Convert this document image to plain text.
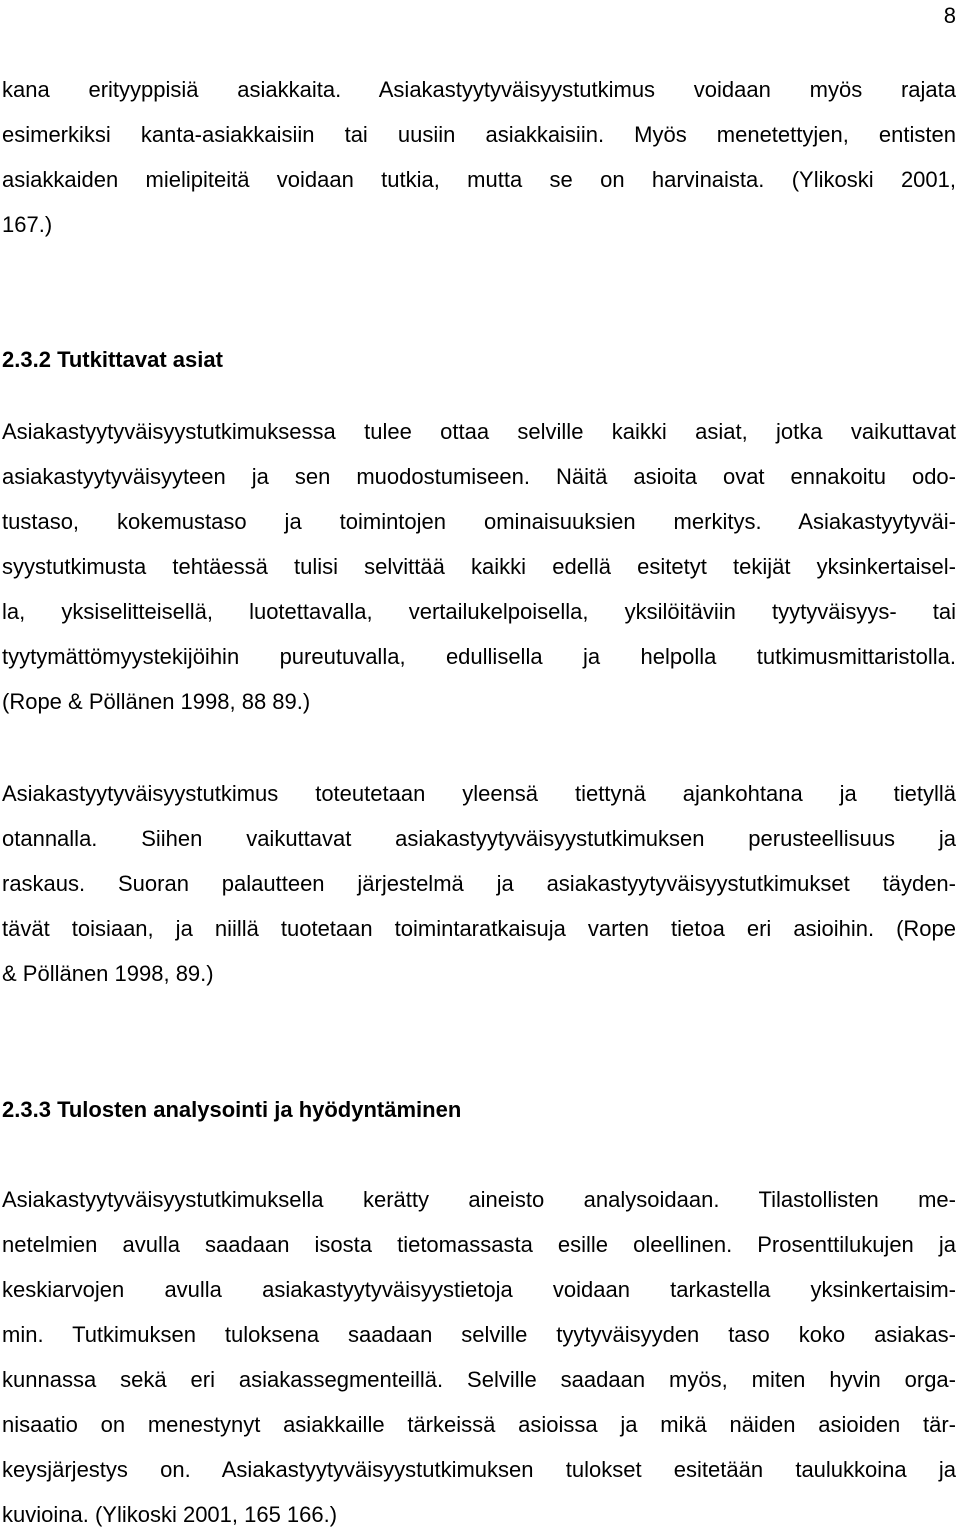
8
kana erityyppisiä asiakkaita. Asiakastyytyväisyystutkimus voidaan myös rajata
esimerkiksi kanta-asiakkaisiin tai uusiin asiakkaisiin. Myös menetettyjen, entisten
asiakkaiden mielipiteitä voidaan tutkia, mutta se on harvinaista. (Ylikoski 2001,
167.)
2.3.2 Tutkittavat asiat
Asiakastyytyväisyystutkimuksessa tulee ottaa selville kaikki asiat, jotka vaikuttavat
asiakastyytyväisyyteen ja sen muodostumiseen. Näitä asioita ovat ennakoitu odo-
tustaso, kokemustaso ja toimintojen ominaisuuksien merkitys. Asiakastyytyväi-
syystutkimusta tehtäessä tulisi selvittää kaikki edellä esitetyt tekijät yksinkertaisel-
la, yksiselitteisellä, luotettavalla, vertailukelpoisella, yksilöitäviin tyytyväisyys- tai
tyytymättömyystekijöihin pureutuvalla, edullisella ja helpolla tutkimusmittaristolla.
(Rope & Pöllänen 1998, 88 89.)
Asiakastyytyväisyystutkimus toteutetaan yleensä tiettynä ajankohtana ja tietyllä
otannalla. Siihen vaikuttavat asiakastyytyväisyystutkimuksen perusteellisuus ja
raskaus. Suoran palautteen järjestelmä ja asiakastyytyväisyystutkimukset täyden-
tävät toisiaan, ja niillä tuotetaan toimintaratkaisuja varten tietoa eri asioihin. (Rope
& Pöllänen 1998, 89.)
2.3.3 Tulosten analysointi ja hyödyntäminen
Asiakastyytyväisyystutkimuksella kerätty aineisto analysoidaan. Tilastollisten me-
netelmien avulla saadaan isosta tietomassasta esille oleellinen. Prosenttilukujen ja
keskiarvojen avulla asiakastyytyväisyystietoja voidaan tarkastella yksinkertaisim-
min. Tutkimuksen tuloksena saadaan selville tyytyväisyyden taso koko asiakas-
kunnassa sekä eri asiakassegmenteillä. Selville saadaan myös, miten hyvin orga-
nisaatio on menestynyt asiakkaille tärkeissä asioissa ja mikä näiden asioiden tär-
keysjärjestys on. Asiakastyytyväisyystutkimuksen tulokset esitetään taulukkoina ja
kuvioina. (Ylikoski 2001, 165 166.)
